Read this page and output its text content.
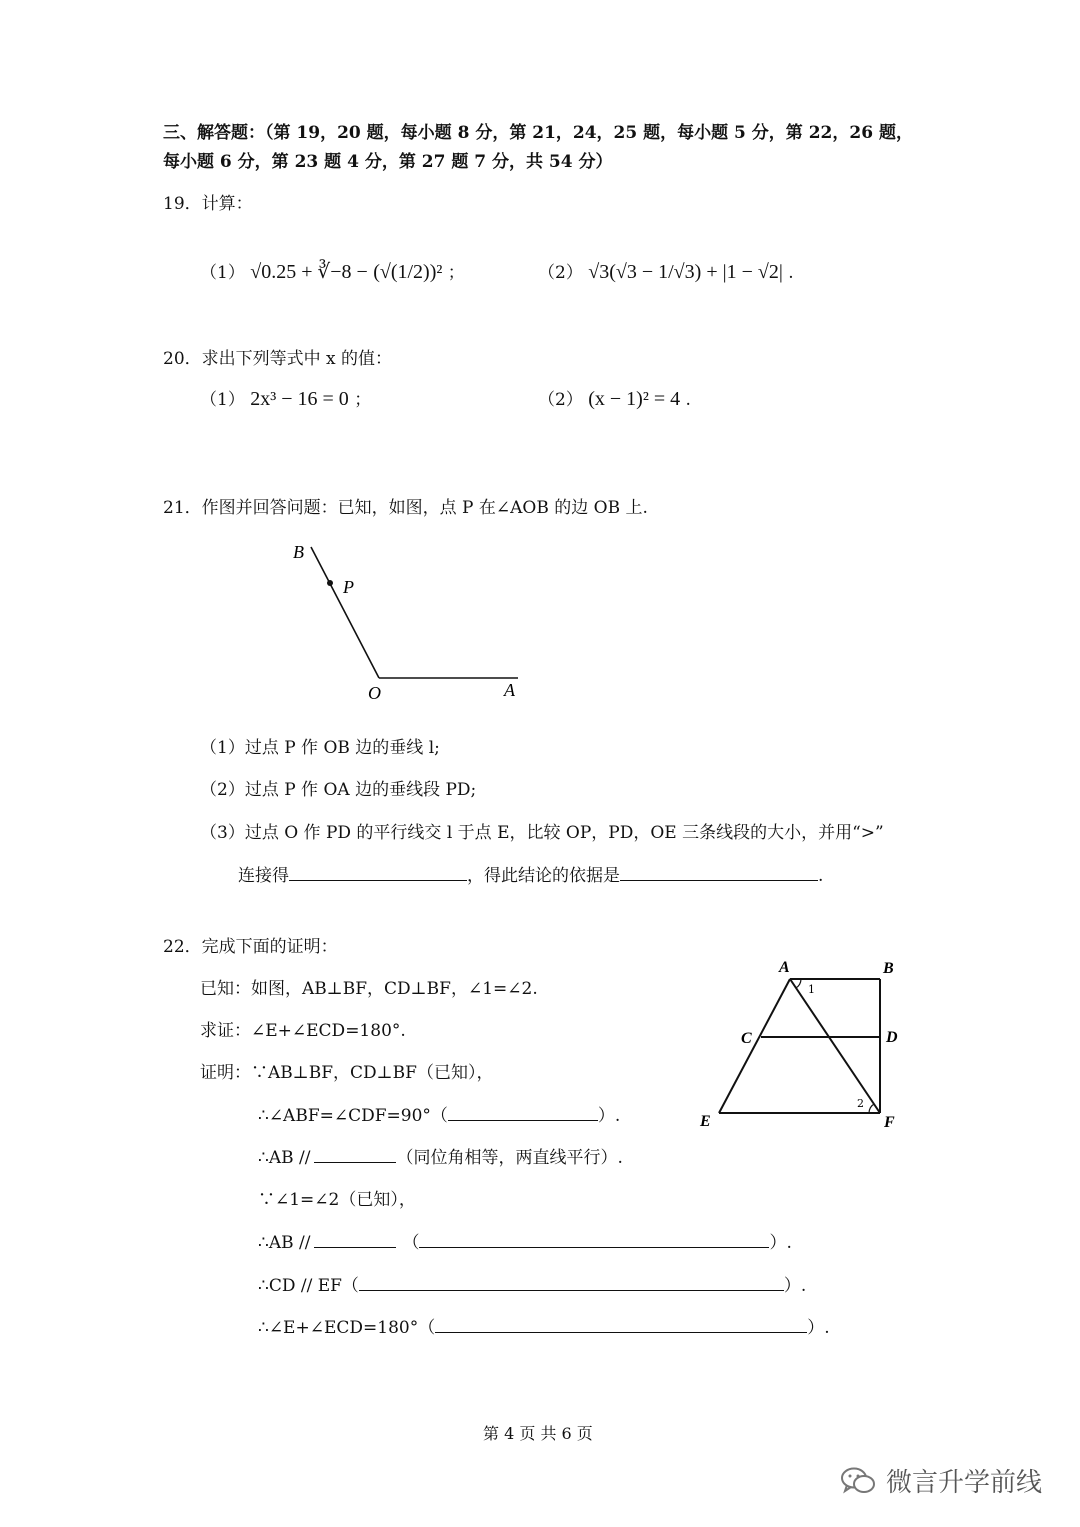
三、解答题：（第 19，20 题，每小题 8 分，第 21，24，25 题，每小题 5 分，第 22，26 题，
每小题 6 分，第 23 题 4 分，第 27 题 7 分，共 54 分）
19．计算：
（1） √0.25 + ∛−8 − (√(1/2))² ；	（2） √3(√3 − 1/√3) + |1 − √2| .
20．求出下列等式中 x 的值：
（1） 2x³ − 16 = 0 ；	（2） (x − 1)² = 4 .
21．作图并回答问题：已知，如图，点 P 在∠AOB 的边 OB 上.
B
P
O	A
（1）过点 P 作 OB 边的垂线 l;
（2）过点 P 作 OA 边的垂线段 PD;
（3）过点 O 作 PD 的平行线交 l 于点 E，比较 OP，PD，OE 三条线段的大小，并用“>”
连接得	，得此结论的依据是	.
22．完成下面的证明：
已知：如图，AB⊥BF，CD⊥BF，∠1=∠2.
求证：∠E+∠ECD=180°.
证明：∵AB⊥BF，CD⊥BF（已知），
∴∠ABF=∠CDF=90°（	）.
∴AB //	（同位角相等，两直线平行）.
∵∠1=∠2（已知），
∴AB //	（	）.
∴CD // EF（	）.
∴∠E+∠ECD=180°（	）.
A	B
C	D
E	F
1
2
第 4 页 共 6 页
微言升学前线
